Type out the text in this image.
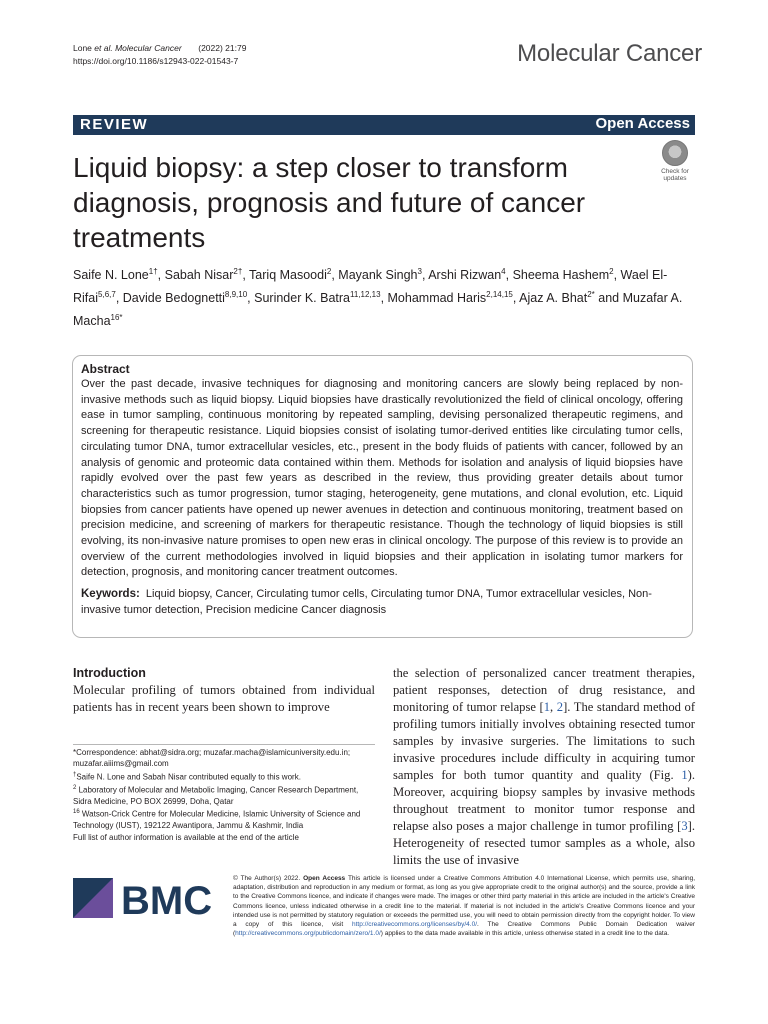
Lone et al. Molecular Cancer (2022) 21:79
https://doi.org/10.1186/s12943-022-01543-7	Molecular Cancer
REVIEW	Open Access
Liquid biopsy: a step closer to transform diagnosis, prognosis and future of cancer treatments
Check for
updates
Saife N. Lone$^{1\dagger}$, Sabah Nisar$^{2\dagger}$, Tariq Masoodi$^2$, Mayank Singh$^3$, Arshi Rizwan$^4$, Sheema Hashem$^2$, Wael El-Rifai$^{5,6,7}$, Davide Bedognetti$^{8,9,10}$, Surinder K. Batra$^{11,12,13}$, Mohammad Haris$^{2,14,15}$, Ajaz A. Bhat$^{2*}$ and Muzafar A. Macha$^{16*}$
Abstract
Over the past decade, invasive techniques for diagnosing and monitoring cancers are slowly being replaced by non-invasive methods such as liquid biopsy. Liquid biopsies have drastically revolutionized the field of clinical oncology, offering ease in tumor sampling, continuous monitoring by repeated sampling, devising personalized therapeutic regimens, and screening for therapeutic resistance. Liquid biopsies consist of isolating tumor-derived entities like circulating tumor cells, circulating tumor DNA, tumor extracellular vesicles, etc., present in the body fluids of patients with cancer, followed by an analysis of genomic and proteomic data contained within them. Methods for isolation and analysis of liquid biopsies have rapidly evolved over the past few years as described in the review, thus providing greater details about tumor characteristics such as tumor progression, tumor staging, heterogeneity, gene mutations, and clonal evolution, etc. Liquid biopsies from cancer patients have opened up newer avenues in detection and continuous monitoring, treatment based on precision medicine, and screening of markers for therapeutic resistance. Though the technology of liquid biopsies is still evolving, its non-invasive nature promises to open new eras in clinical oncology. The purpose of this review is to provide an overview of the current methodologies involved in liquid biopsies and their application in isolating tumor markers for detection, prognosis, and monitoring cancer treatment outcomes.
Keywords: Liquid biopsy, Cancer, Circulating tumor cells, Circulating tumor DNA, Tumor extracellular vesicles, Non-invasive tumor detection, Precision medicine Cancer diagnosis
Introduction
Molecular profiling of tumors obtained from individual patients has in recent years been shown to improve
*Correspondence: abhat@sidra.org; muzafar.macha@islamicuniversity.edu.in; muzafar.aiiims@gmail.com
†Saife N. Lone and Sabah Nisar contributed equally to this work.
$^2$ Laboratory of Molecular and Metabolic Imaging, Cancer Research Department, Sidra Medicine, PO BOX 26999, Doha, Qatar
$^{16}$ Watson-Crick Centre for Molecular Medicine, Islamic University of Science and Technology (IUST), 192122 Awantipora, Jammu & Kashmir, India
Full list of author information is available at the end of the article
the selection of personalized cancer treatment therapies, patient responses, detection of drug resistance, and monitoring of tumor relapse [1, 2]. The standard method of profiling tumors initially involves obtaining resected tumor samples by invasive surgeries. The limitations to such invasive procedures include difficulty in acquiring tumor samples for both tumor quantity and quality (Fig. 1). Moreover, acquiring biopsy samples by invasive methods throughout treatment to monitor tumor response and relapse also poses a major challenge in tumor profiling [3]. Heterogeneity of resected tumor samples as a whole, also limits the use of invasive
BMC
© The Author(s) 2022. Open Access This article is licensed under a Creative Commons Attribution 4.0 International License, which permits use, sharing, adaptation, distribution and reproduction in any medium or format, as long as you give appropriate credit to the original author(s) and the source, provide a link to the Creative Commons licence, and indicate if changes were made. The images or other third party material in this article are included in the article's Creative Commons licence, unless indicated otherwise in a credit line to the material. If material is not included in the article's Creative Commons licence and your intended use is not permitted by statutory regulation or exceeds the permitted use, you will need to obtain permission directly from the copyright holder. To view a copy of this licence, visit http://creativecommons.org/licenses/by/4.0/. The Creative Commons Public Domain Dedication waiver (http://creativecommons.org/publicdomain/zero/1.0/) applies to the data made available in this article, unless otherwise stated in a credit line to the data.
